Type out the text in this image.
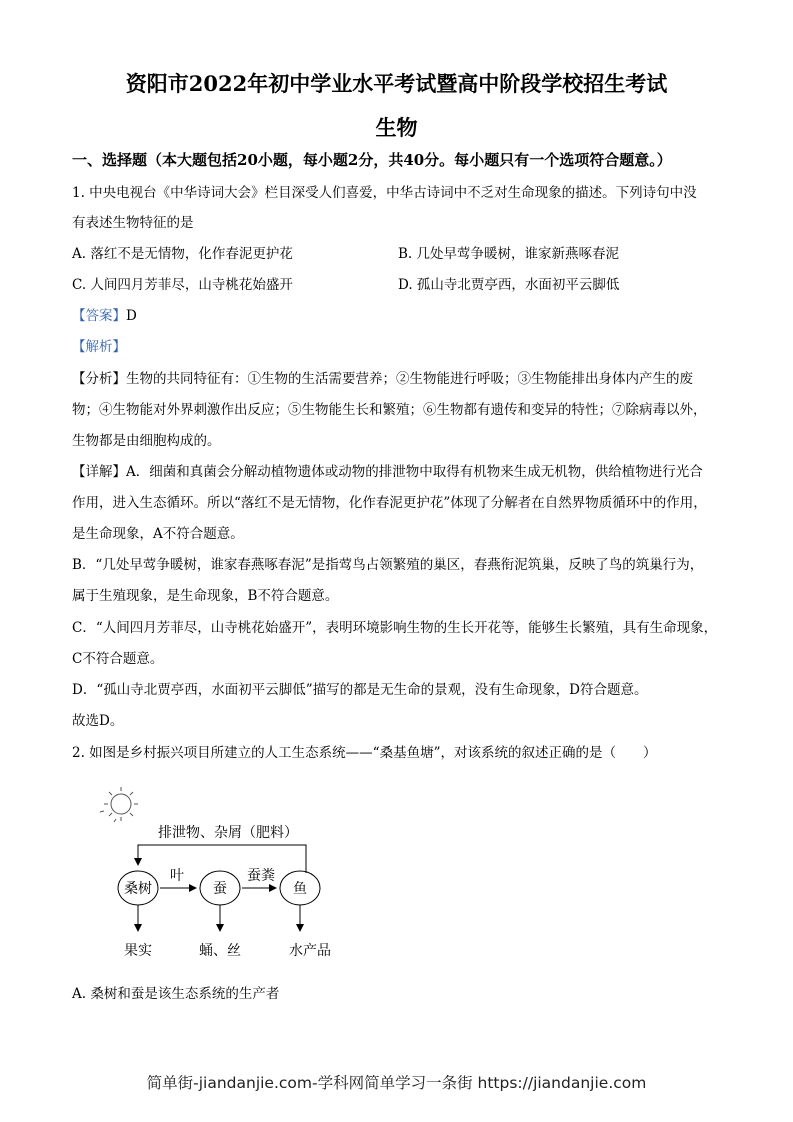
资阳市2022年初中学业水平考试暨高中阶段学校招生考试
生物
一、选择题（本大题包括20小题，每小题2分，共40分。每小题只有一个选项符合题意。）
1. 中央电视台《中华诗词大会》栏目深受人们喜爱，中华古诗词中不乏对生命现象的描述。下列诗句中没
有表述生物特征的是
A. 落红不是无情物，化作春泥更护花	B. 几处早莺争暖树，谁家新燕啄春泥
C. 人间四月芳菲尽，山寺桃花始盛开	D. 孤山寺北贾亭西，水面初平云脚低
【答案】D
【解析】
【分析】生物的共同特征有：①生物的生活需要营养；②生物能进行呼吸；③生物能排出身体内产生的废
物；④生物能对外界刺激作出反应；⑤生物能生长和繁殖；⑥生物都有遗传和变异的特性；⑦除病毒以外，
生物都是由细胞构成的。
【详解】A．细菌和真菌会分解动植物遗体或动物的排泄物中取得有机物来生成无机物，供给植物进行光合
作用，进入生态循环。所以“落红不是无情物，化作春泥更护花”体现了分解者在自然界物质循环中的作用，
是生命现象，A不符合题意。
B．“几处早莺争暖树，谁家春燕啄春泥”是指莺鸟占领繁殖的巢区，春燕衔泥筑巢，反映了鸟的筑巢行为，
属于生殖现象，是生命现象，B不符合题意。
C．“人间四月芳菲尽，山寺桃花始盛开”，表明环境影响生物的生长开花等，能够生长繁殖，具有生命现象，
C不符合题意。
D．“孤山寺北贾亭西，水面初平云脚低”描写的都是无生命的景观，没有生命现象，D符合题意。
故选D。
2. 如图是乡村振兴项目所建立的人工生态系统——“桑基鱼塘”，对该系统的叙述正确的是（　　）
排泄物、杂屑（肥料）
桑树	蚕	鱼
叶	蚕粪
果实	蛹、丝	水产品
A. 桑树和蚕是该生态系统的生产者
简单街-jiandanjie.com-学科网简单学习一条街 https://jiandanjie.com
